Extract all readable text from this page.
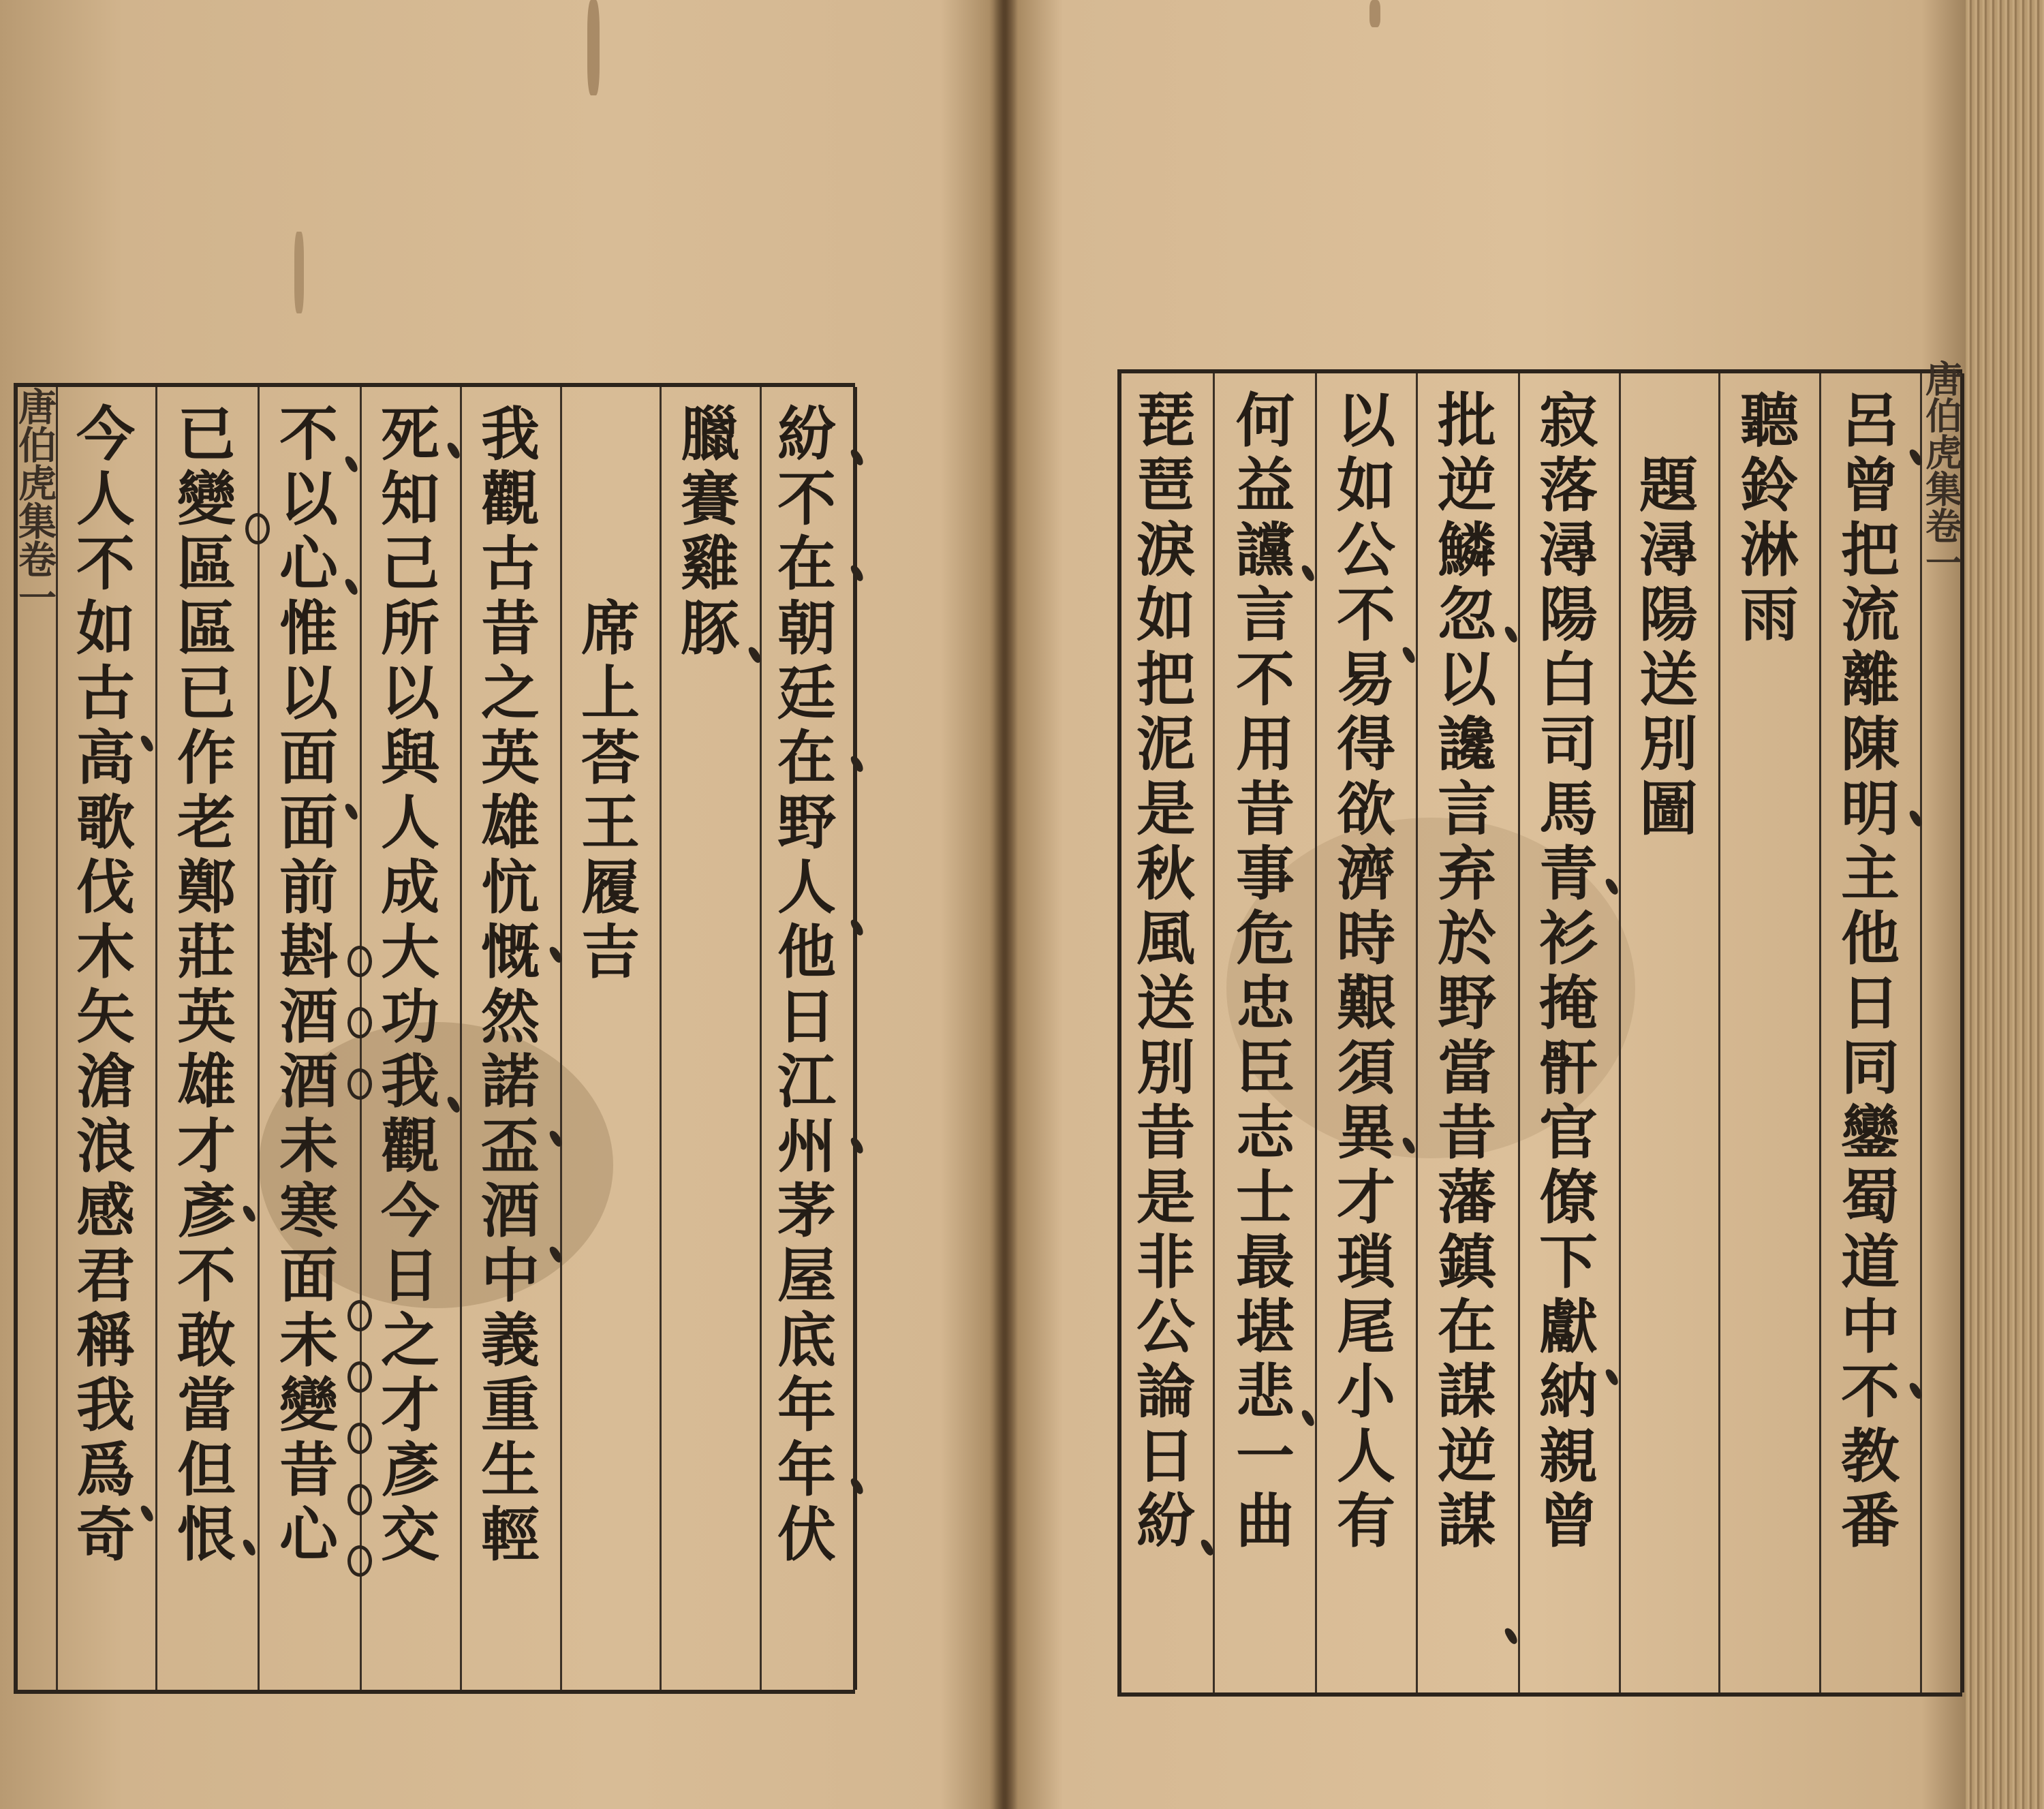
唐伯虎集卷一 今
人
不
如
古
高
歌
伐
木
矢
滄
浪
感
君
稱
我
爲
奇
已
變
區
區
已
作
老
鄭
莊
英
雄
才
彥
不
敢
當
但
恨
不
以
心
惟
以
面
面
前
斟
酒
酒
未
寒
面
未
變
昔
心
死
知
己
所
以
與
人
成
大
功
我
觀
今
日
之
才
彥
交
我
觀
古
昔
之
英
雄
忼
慨
然
諾
盃
酒
中
義
重
生
輕
席
上
荅
王
履
吉
臘
賽
雞
豚
紛
不
在
朝
廷
在
野
人
他
日
江
州
茅
屋
底
年
年
伏
琵
琶
淚
如
把
泥
是
秋
風
送
別
昔
是
非
公
論
日
紛
何
益
讜
言
不
用
昔
事
危
忠
臣
志
士
最
堪
悲
一
曲
以
如
公
不
易
得
欲
濟
時
艱
須
異
才
瑣
尾
小
人
有
批
逆
鱗
忽
以
讒
言
弃
於
野
當
昔
藩
鎮
在
謀
逆
謀
寂
落
潯
陽
白
司
馬
青
衫
掩
骭
官
僚
下
獻
納
親
曾
題
潯
陽
送
別
圖
聽
鈴
淋
雨
呂
曾
把
流
離
陳
明
主
他
日
同
鑾
蜀
道
中
不
教
番
唐伯虎集卷一
